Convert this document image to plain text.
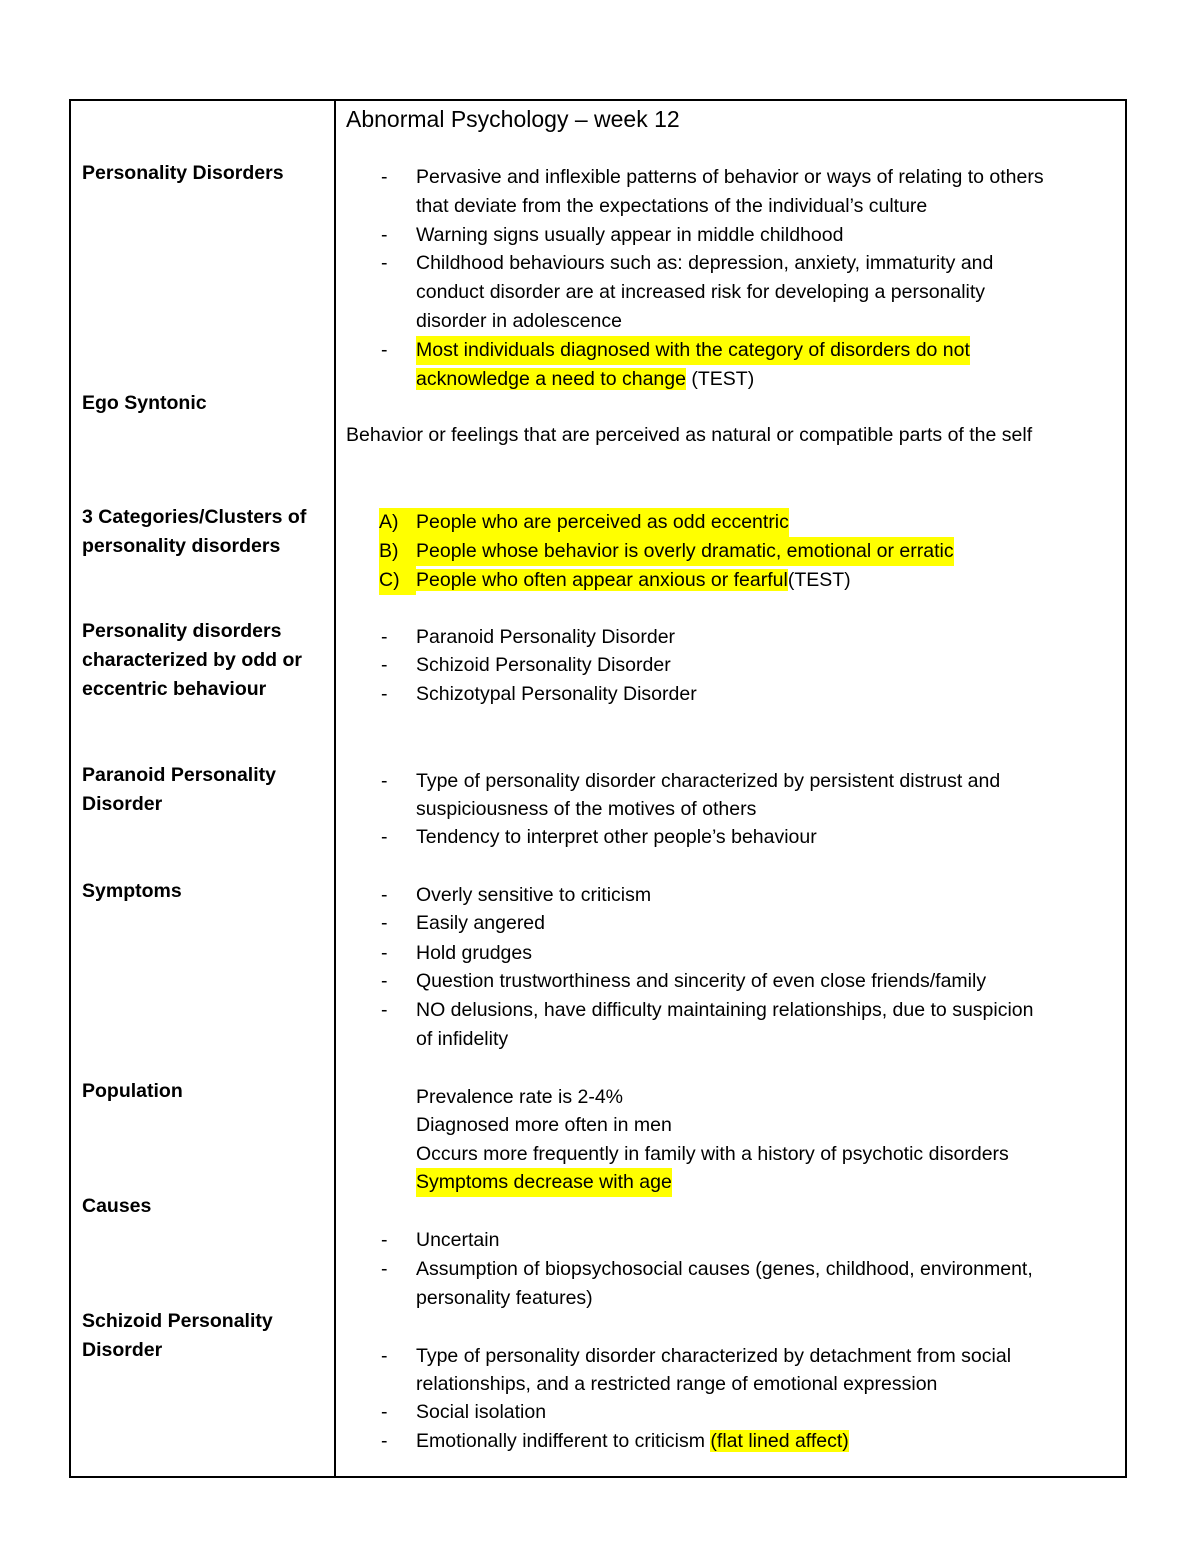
Personality Disorders
Ego Syntonic
3 Categories/Clusters of
personality disorders
Personality disorders
characterized by odd or
eccentric behaviour
Paranoid Personality
Disorder
Symptoms
Population
Causes
Schizoid Personality
Disorder
Abnormal Psychology – week 12
- Pervasive and inflexible patterns of behavior or ways of relating to others
that deviate from the expectations of the individual’s culture
- Warning signs usually appear in middle childhood
- Childhood behaviours such as: depression, anxiety, immaturity and
conduct disorder are at increased risk for developing a personality
disorder in adolescence
- Most individuals diagnosed with the category of disorders do not
acknowledge a need to change (TEST)
Behavior or feelings that are perceived as natural or compatible parts of the self
A) People who are perceived as odd eccentric
B) People whose behavior is overly dramatic, emotional or erratic
C) People who often appear anxious or fearful(TEST)
- Paranoid Personality Disorder
- Schizoid Personality Disorder
- Schizotypal Personality Disorder
- Type of personality disorder characterized by persistent distrust and
suspiciousness of the motives of others
- Tendency to interpret other people’s behaviour
- Overly sensitive to criticism
- Easily angered
- Hold grudges
- Question trustworthiness and sincerity of even close friends/family
- NO delusions, have difficulty maintaining relationships, due to suspicion
of infidelity
Prevalence rate is 2-4%
Diagnosed more often in men
Occurs more frequently in family with a history of psychotic disorders
Symptoms decrease with age
- Uncertain
- Assumption of biopsychosocial causes (genes, childhood, environment,
personality features)
- Type of personality disorder characterized by detachment from social
relationships, and a restricted range of emotional expression
- Social isolation
- Emotionally indifferent to criticism (flat lined affect)
